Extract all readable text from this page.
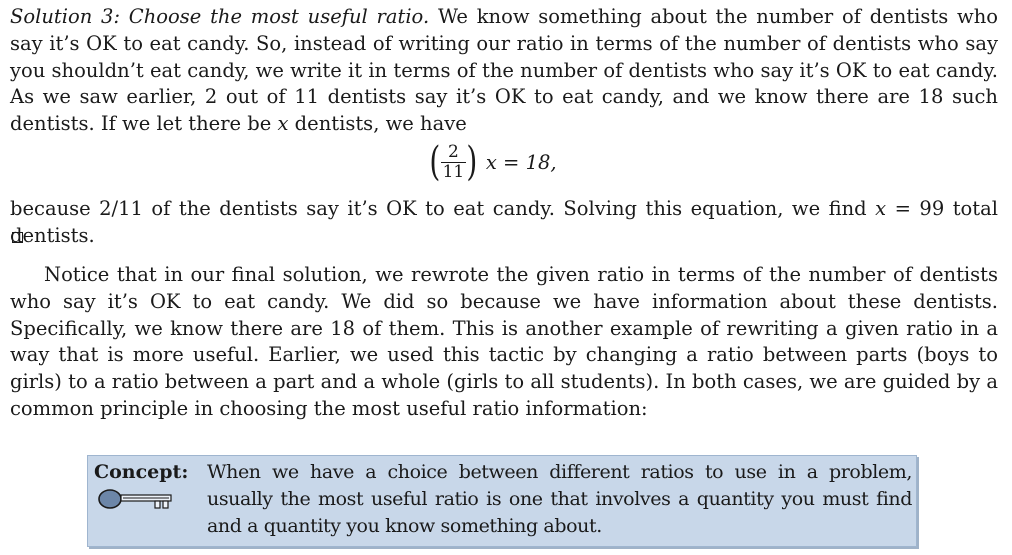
Solution 3: Choose the most useful ratio. We know something about the number of dentists who say it’s OK to eat candy. So, instead of writing our ratio in terms of the number of dentists who say you shouldn’t eat candy, we write it in terms of the number of dentists who say it’s OK to eat candy. As we saw earlier, 2 out of 11 dentists say it’s OK to eat candy, and we know there are 18 such dentists. If we let there be x dentists, we have

( $\frac{2}{11}$ ) x = 18,

because 2/11 of the dentists say it’s OK to eat candy. Solving this equation, we find x = 99 total dentists.

Notice that in our final solution, we rewrote the given ratio in terms of the number of dentists who say it’s OK to eat candy. We did so because we have information about these dentists. Specifically, we know there are 18 of them. This is another example of rewriting a given ratio in a way that is more useful. Earlier, we used this tactic by changing a ratio between parts (boys to girls) to a ratio between a part and a whole (girls to all students). In both cases, we are guided by a common principle in choosing the most useful ratio information:

Concept: When we have a choice between different ratios to use in a problem, usually the most useful ratio is one that involves a quantity you must find and a quantity you know something about.
